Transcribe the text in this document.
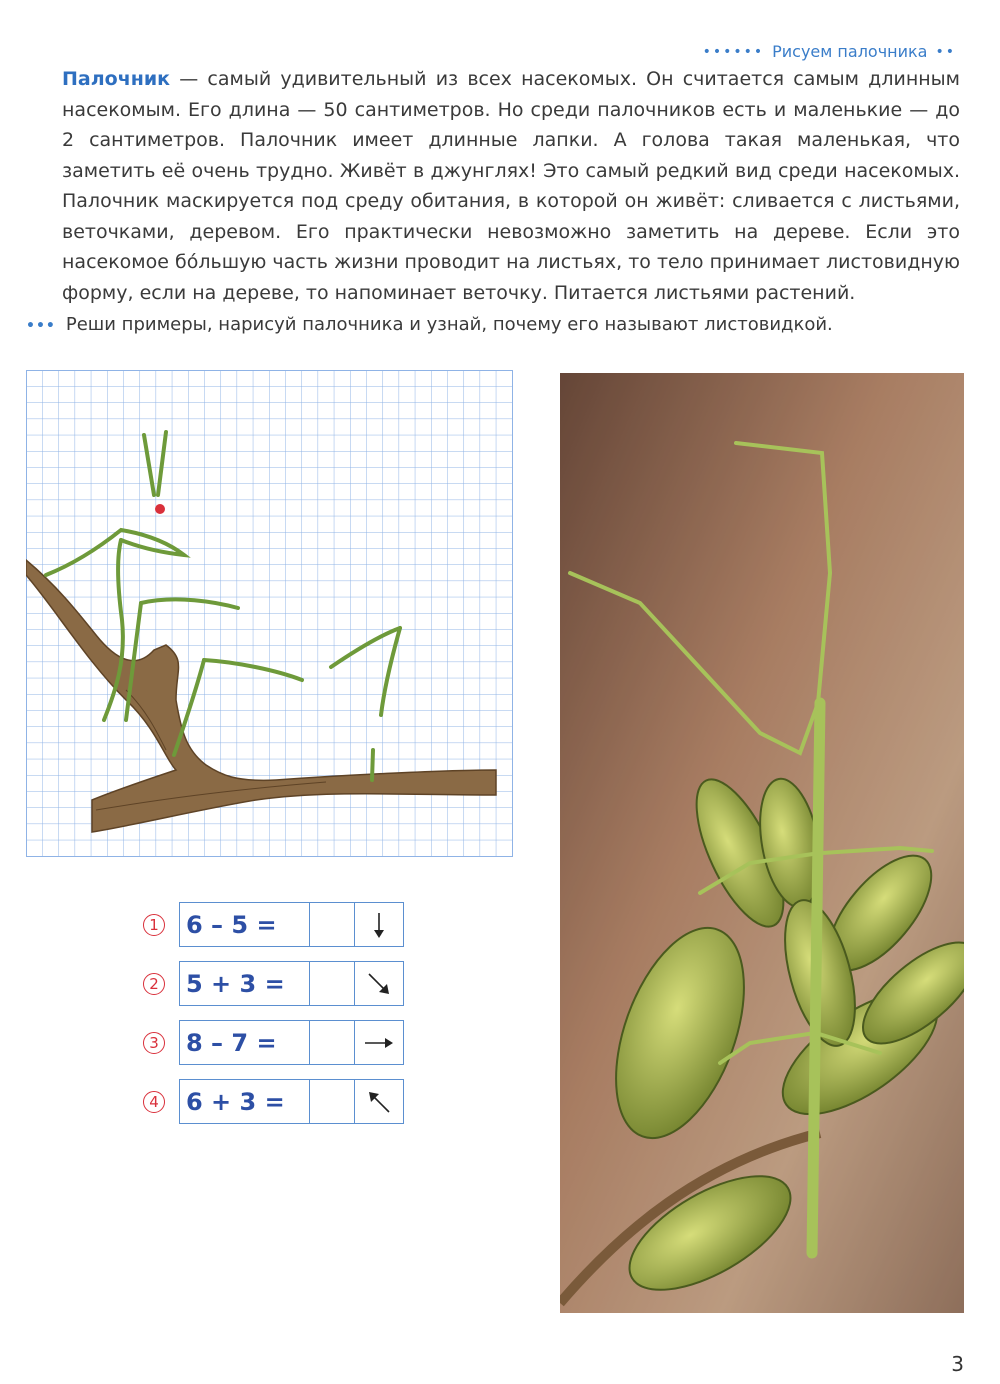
•••••• Рисуем палочника ••
Палочник — самый удивительный из всех насекомых. Он считается самым длинным насекомым. Его длина — 50 сантиметров. Но среди палочников есть и маленькие — до 2 сантиметров. Палочник имеет длинные лапки. А голова такая маленькая, что заметить её очень трудно. Живёт в джунглях! Это самый редкий вид среди насекомых. Палочник маскируется под среду обитания, в которой он живёт: сливается с листьями, веточками, деревом. Его практически невозможно заметить на дереве. Если это насекомое бóльшую часть жизни проводит на листьях, то тело принимает листовидную форму, если на дереве, то напоминает веточку. Питается листьями растений.
••• Реши примеры, нарисуй палочника и узнай, почему его называют листовидкой.
1 6 – 5 =
2 5 + 3 =
3 8 – 7 =
4 6 + 3 =
3
